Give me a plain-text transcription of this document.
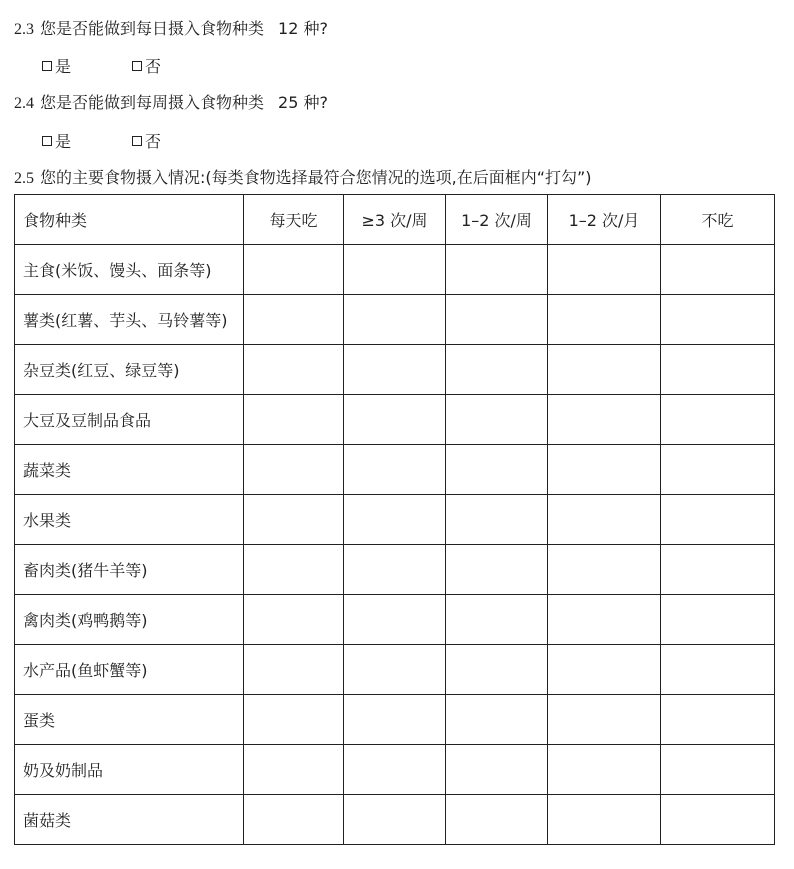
2.3 您是否能做到每日摄入食物种类 12 种?
是	否
2.4 您是否能做到每周摄入食物种类 25 种?
是	否
2.5 您的主要食物摄入情况:(每类食物选择最符合您情况的选项,在后面框内“打勾”)
食物种类	每天吃	≥3 次/周	1–2 次/周	1–2 次/月	不吃
主食(米饭、馒头、面条等)					
薯类(红薯、芋头、马铃薯等)					
杂豆类(红豆、绿豆等)					
大豆及豆制品食品					
蔬菜类					
水果类					
畜肉类(猪牛羊等)					
禽肉类(鸡鸭鹅等)					
水产品(鱼虾蟹等)					
蛋类					
奶及奶制品					
菌菇类					
